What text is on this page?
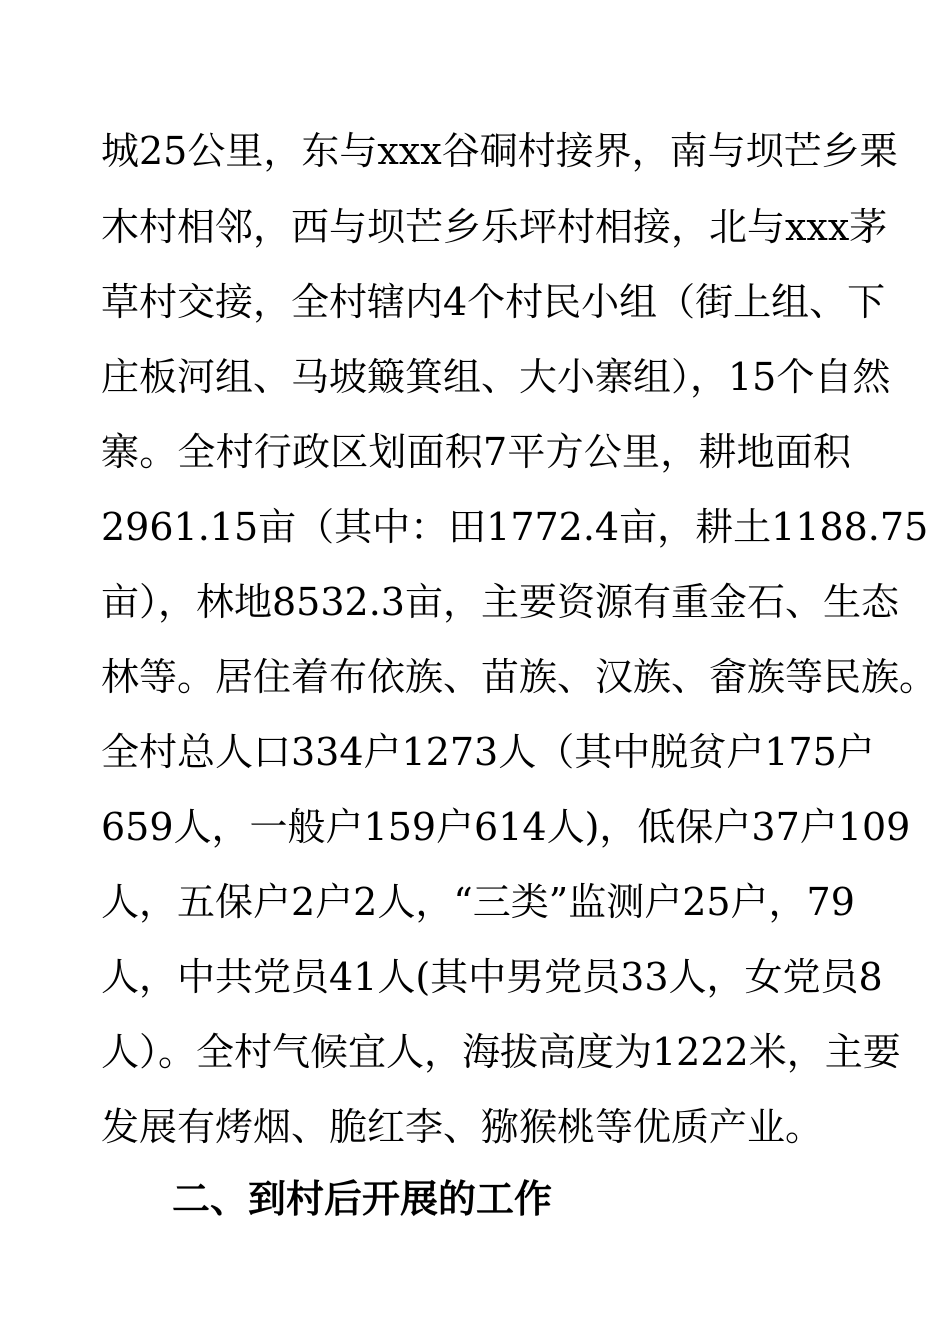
城25公里，东与xxx谷硐村接界，南与坝芒乡栗
木村相邻，西与坝芒乡乐坪村相接，北与xxx茅
草村交接，全村辖内4个村民小组（街上组、下
庄板河组、马坡簸箕组、大小寨组），15个自然
寨。全村行政区划面积7平方公里，耕地面积
2961.15亩（其中：田1772.4亩，耕土1188.75
亩），林地8532.3亩，主要资源有重金石、生态
林等。居住着布依族、苗族、汉族、畲族等民族。
全村总人口334户1273人（其中脱贫户175户
659人，一般户159户614人)，低保户37户109
人，五保户2户2人，“三类”监测户25户，79
人，中共党员41人(其中男党员33人，女党员8
人）。全村气候宜人，海拔高度为1222米，主要
发展有烤烟、脆红李、猕猴桃等优质产业。
二、到村后开展的工作
